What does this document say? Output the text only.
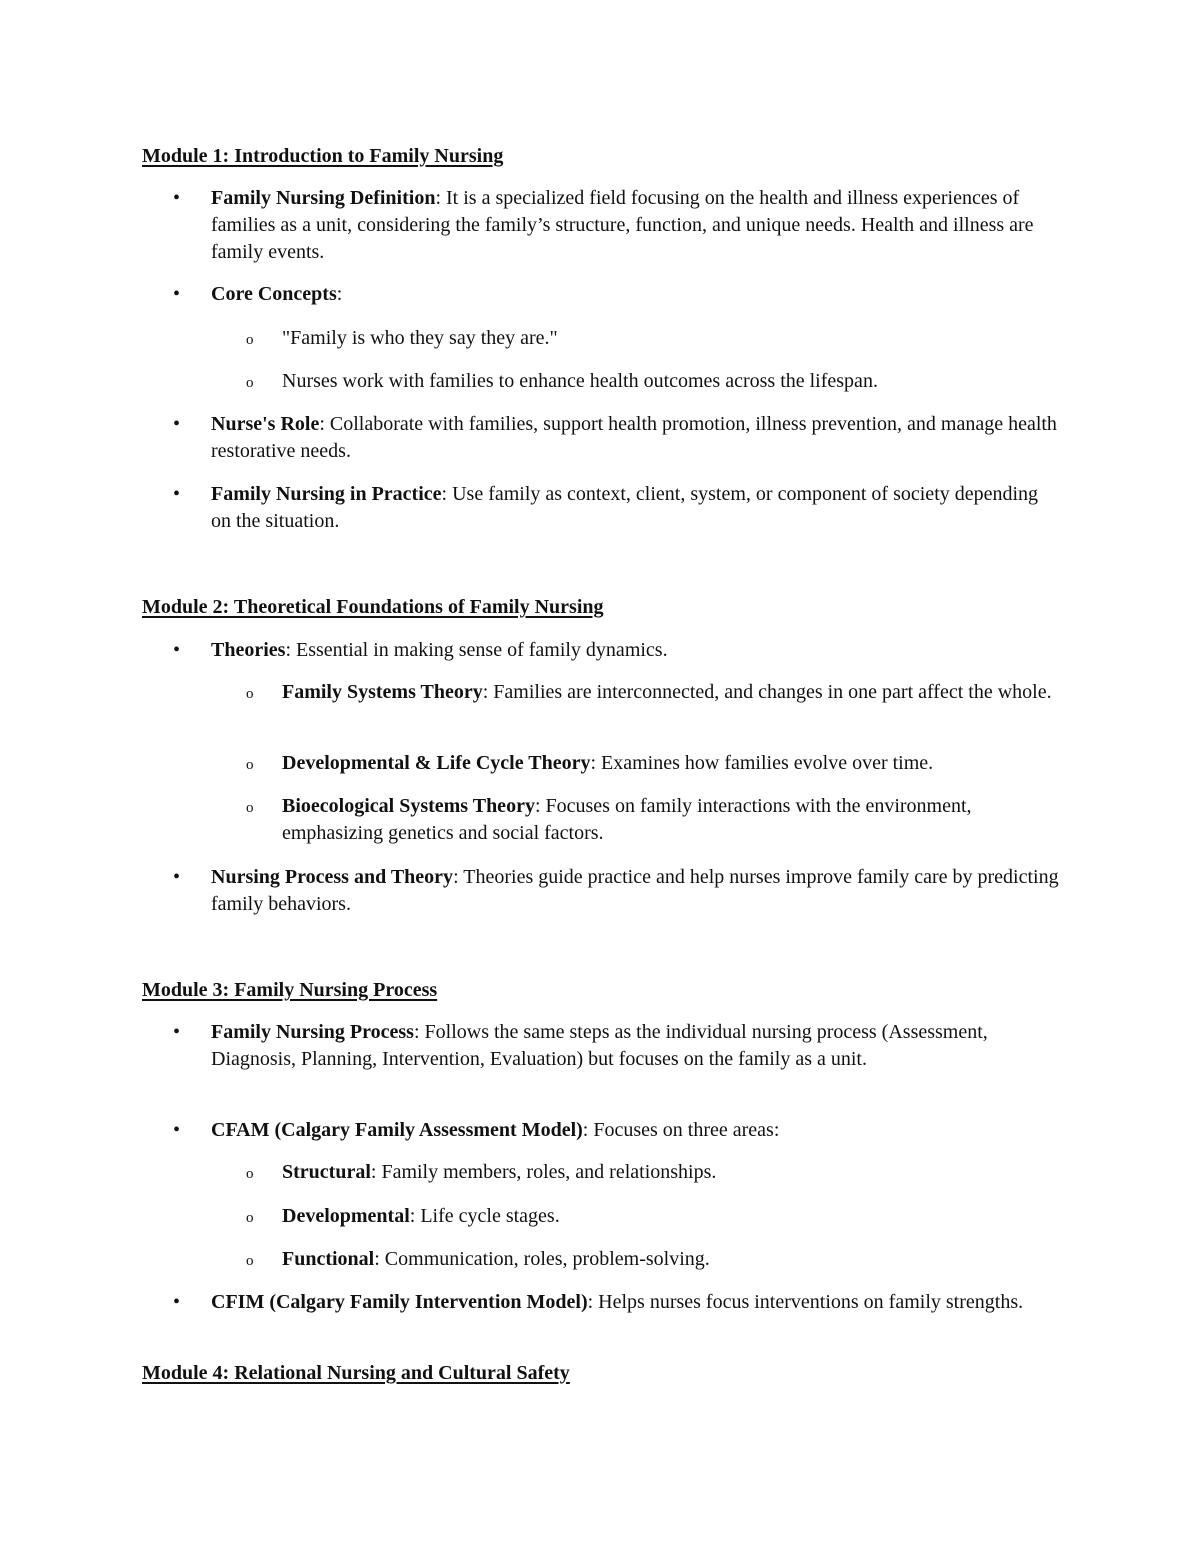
Module 1: Introduction to Family Nursing
• Family Nursing Definition: It is a specialized field focusing on the health and illness experiences of families as a unit, considering the family’s structure, function, and unique needs. Health and illness are family events.
• Core Concepts:
o "Family is who they say they are."
o Nurses work with families to enhance health outcomes across the lifespan.
• Nurse's Role: Collaborate with families, support health promotion, illness prevention, and manage health restorative needs.
• Family Nursing in Practice: Use family as context, client, system, or component of society depending on the situation.
Module 2: Theoretical Foundations of Family Nursing
• Theories: Essential in making sense of family dynamics.
o Family Systems Theory: Families are interconnected, and changes in one part affect the whole.
o Developmental & Life Cycle Theory: Examines how families evolve over time.
o Bioecological Systems Theory: Focuses on family interactions with the environment, emphasizing genetics and social factors.
• Nursing Process and Theory: Theories guide practice and help nurses improve family care by predicting family behaviors.
Module 3: Family Nursing Process
• Family Nursing Process: Follows the same steps as the individual nursing process (Assessment, Diagnosis, Planning, Intervention, Evaluation) but focuses on the family as a unit.
• CFAM (Calgary Family Assessment Model): Focuses on three areas:
o Structural: Family members, roles, and relationships.
o Developmental: Life cycle stages.
o Functional: Communication, roles, problem-solving.
• CFIM (Calgary Family Intervention Model): Helps nurses focus interventions on family strengths.
Module 4: Relational Nursing and Cultural Safety
